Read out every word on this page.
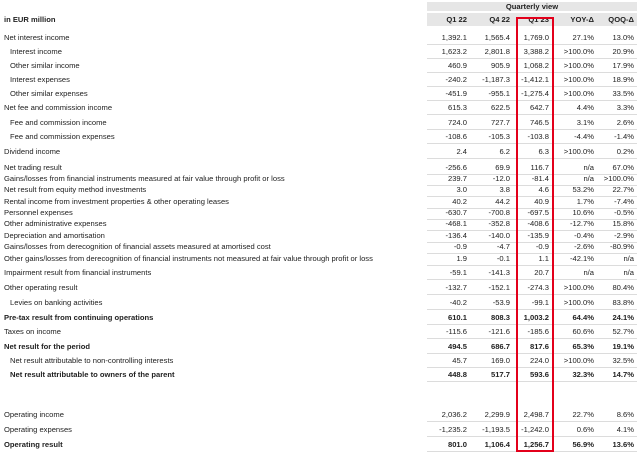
Quarterly view
in EUR million	Q1 22	Q4 22	Q1 23	YOY-Δ	QOQ-Δ
Net interest income	1,392.1	1,565.4	1,769.0	27.1%	13.0%
Interest income	1,623.2	2,801.8	3,388.2	>100.0%	20.9%
Other similar income	460.9	905.9	1,068.2	>100.0%	17.9%
Interest expenses	-240.2	-1,187.3	-1,412.1	>100.0%	18.9%
Other similar expenses	-451.9	-955.1	-1,275.4	>100.0%	33.5%
Net fee and commission income	615.3	622.5	642.7	4.4%	3.3%
Fee and commission income	724.0	727.7	746.5	3.1%	2.6%
Fee and commission expenses	-108.6	-105.3	-103.8	-4.4%	-1.4%
Dividend income	2.4	6.2	6.3	>100.0%	0.2%
Net trading result	-256.6	69.9	116.7	n/a	67.0%
Gains/losses from financial instruments measured at fair value through profit or loss	239.7	-12.0	-81.4	n/a	>100.0%
Net result from equity method investments	3.0	3.8	4.6	53.2%	22.7%
Rental income from investment properties & other operating leases	40.2	44.2	40.9	1.7%	-7.4%
Personnel expenses	-630.7	-700.8	-697.5	10.6%	-0.5%
Other administrative expenses	-468.1	-352.8	-408.6	-12.7%	15.8%
Depreciation and amortisation	-136.4	-140.0	-135.9	-0.4%	-2.9%
Gains/losses from derecognition of financial assets measured at amortised cost	-0.9	-4.7	-0.9	-2.6%	-80.9%
Other gains/losses from derecognition of financial instruments not measured at fair value through profit or loss	1.9	-0.1	1.1	-42.1%	n/a
Impairment result from financial instruments	-59.1	-141.3	20.7	n/a	n/a
Other operating result	-132.7	-152.1	-274.3	>100.0%	80.4%
Levies on banking activities	-40.2	-53.9	-99.1	>100.0%	83.8%
Pre-tax result from continuing operations	610.1	808.3	1,003.2	64.4%	24.1%
Taxes on income	-115.6	-121.6	-185.6	60.6%	52.7%
Net result for the period	494.5	686.7	817.6	65.3%	19.1%
Net result attributable to non-controlling interests	45.7	169.0	224.0	>100.0%	32.5%
Net result attributable to owners of the parent	448.8	517.7	593.6	32.3%	14.7%
Operating income	2,036.2	2,299.9	2,498.7	22.7%	8.6%
Operating expenses	-1,235.2	-1,193.5	-1,242.0	0.6%	4.1%
Operating result	801.0	1,106.4	1,256.7	56.9%	13.6%
